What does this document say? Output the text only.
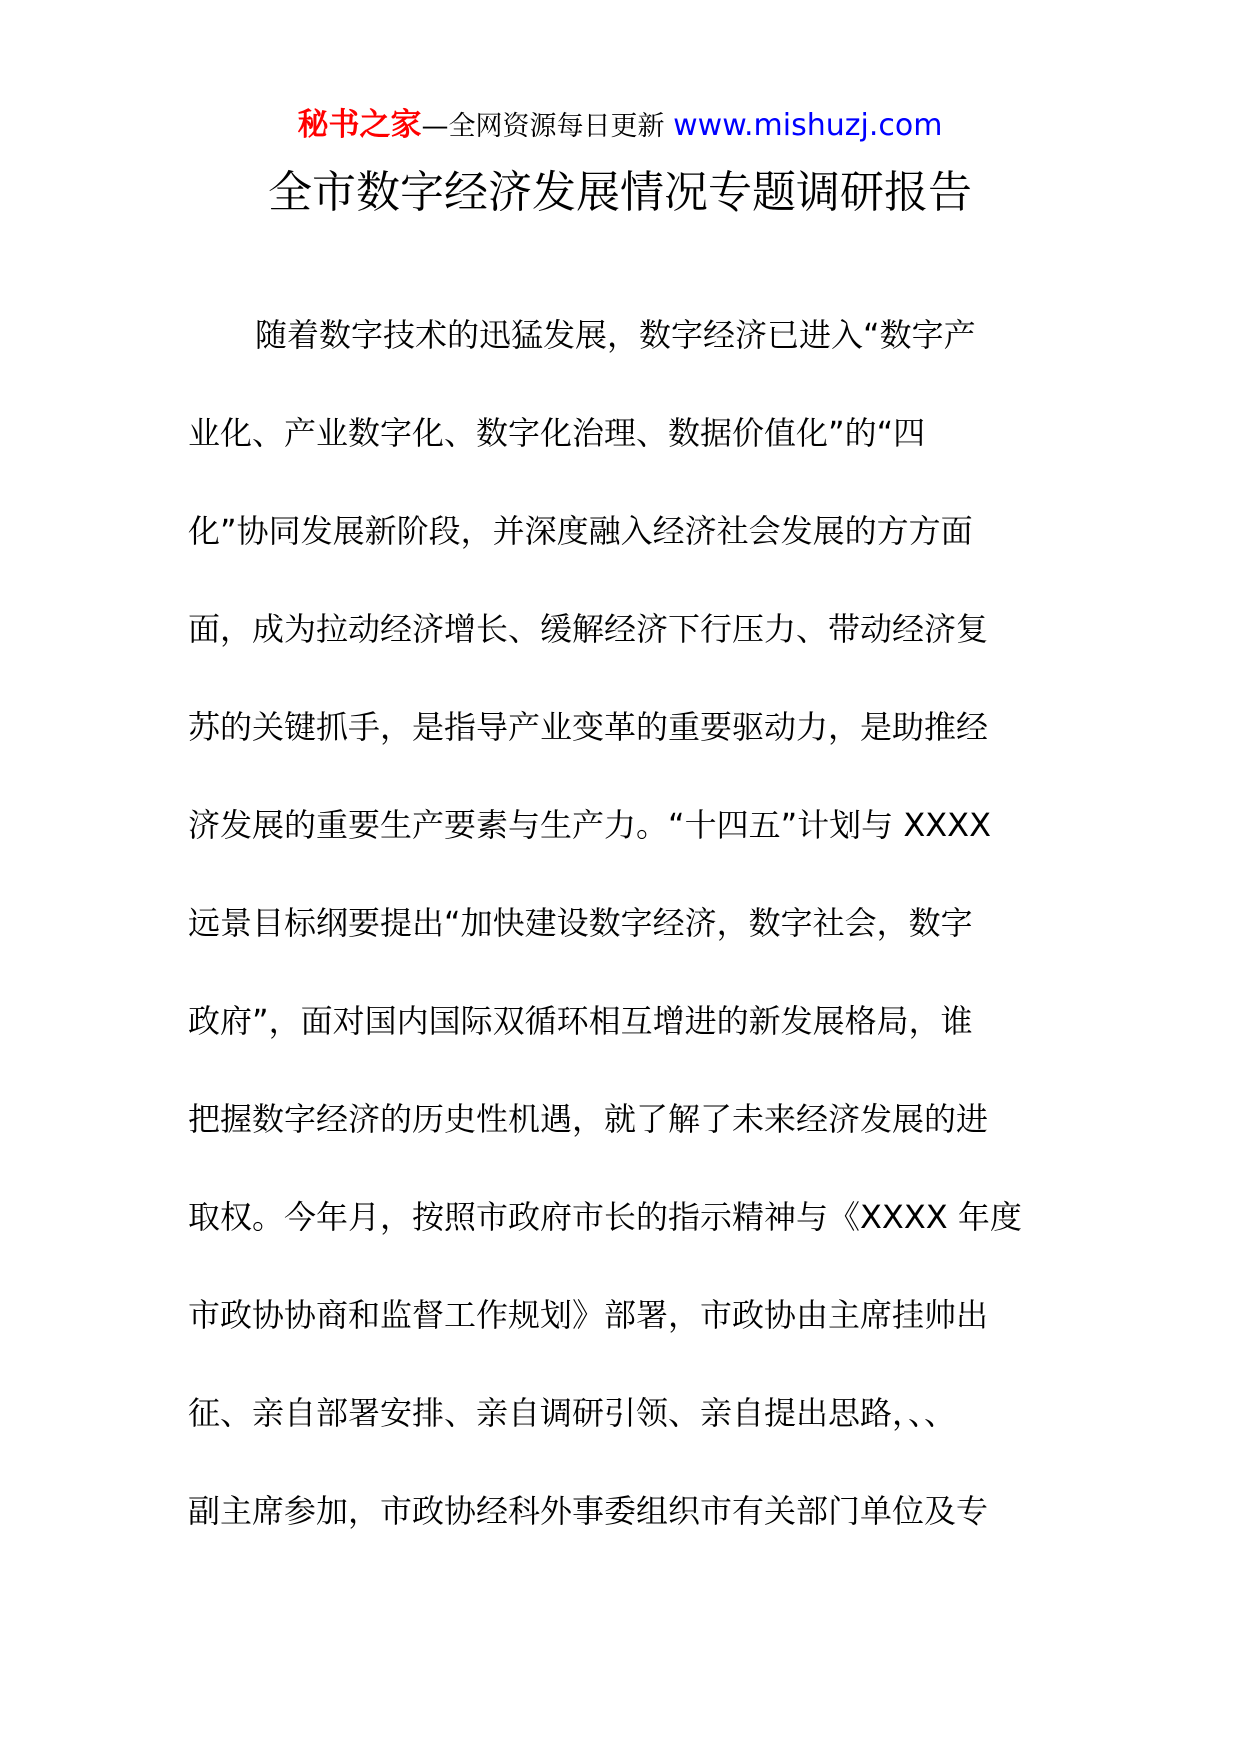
秘书之家—全网资源每日更新 www.mishuzj.com
全市数字经济发展情况专题调研报告
随着数字技术的迅猛发展，数字经济已进入“数字产
业化、产业数字化、数字化治理、数据价值化”的“四
化”协同发展新阶段，并深度融入经济社会发展的方方面
面，成为拉动经济增长、缓解经济下行压力、带动经济复
苏的关键抓手，是指导产业变革的重要驱动力，是助推经
济发展的重要生产要素与生产力。“十四五”计划与 XXXX
远景目标纲要提出“加快建设数字经济，数字社会，数字
政府”，面对国内国际双循环相互增进的新发展格局，谁
把握数字经济的历史性机遇，就了解了未来经济发展的进
取权。今年月，按照市政府市长的指示精神与《XXXX 年度
市政协协商和监督工作规划》部署，市政协由主席挂帅出
征、亲自部署安排、亲自调研引领、亲自提出思路，、、
副主席参加，市政协经科外事委组织市有关部门单位及专
